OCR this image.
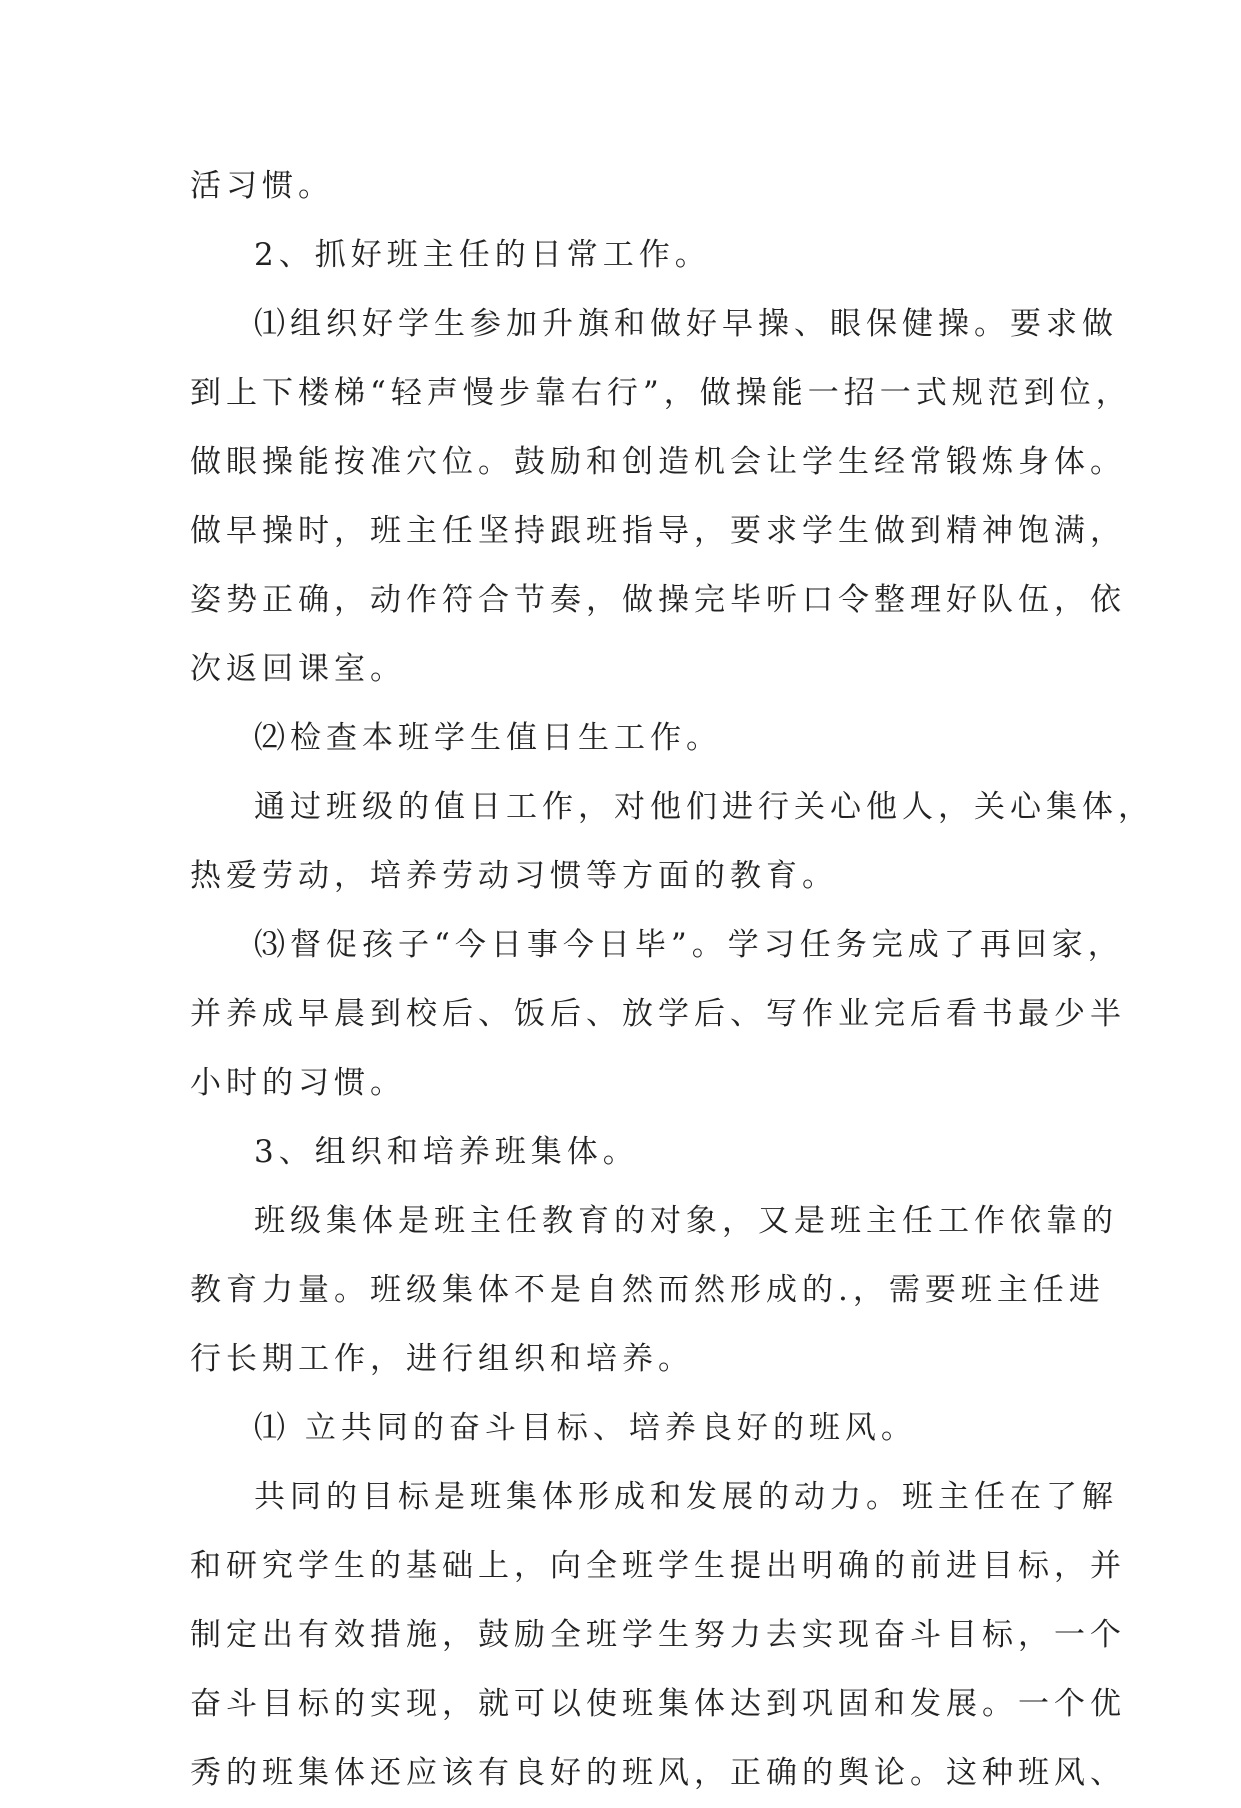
活习惯。
2、抓好班主任的日常工作。
⑴组织好学生参加升旗和做好早操、眼保健操。要求做
到上下楼梯“轻声慢步靠右行”，做操能一招一式规范到位，
做眼操能按准穴位。鼓励和创造机会让学生经常锻炼身体。
做早操时，班主任坚持跟班指导，要求学生做到精神饱满，
姿势正确，动作符合节奏，做操完毕听口令整理好队伍，依
次返回课室。
⑵检查本班学生值日生工作。
通过班级的值日工作，对他们进行关心他人，关心集体，
热爱劳动，培养劳动习惯等方面的教育。
⑶督促孩子“今日事今日毕”。学习任务完成了再回家，
并养成早晨到校后、饭后、放学后、写作业完后看书最少半
小时的习惯。
3、组织和培养班集体。
班级集体是班主任教育的对象，又是班主任工作依靠的
教育力量。班级集体不是自然而然形成的.，需要班主任进
行长期工作，进行组织和培养。
⑴ 立共同的奋斗目标、培养良好的班风。
共同的目标是班集体形成和发展的动力。班主任在了解
和研究学生的基础上，向全班学生提出明确的前进目标，并
制定出有效措施，鼓励全班学生努力去实现奋斗目标，一个
奋斗目标的实现，就可以使班集体达到巩固和发展。一个优
秀的班集体还应该有良好的班风，正确的舆论。这种班风、
